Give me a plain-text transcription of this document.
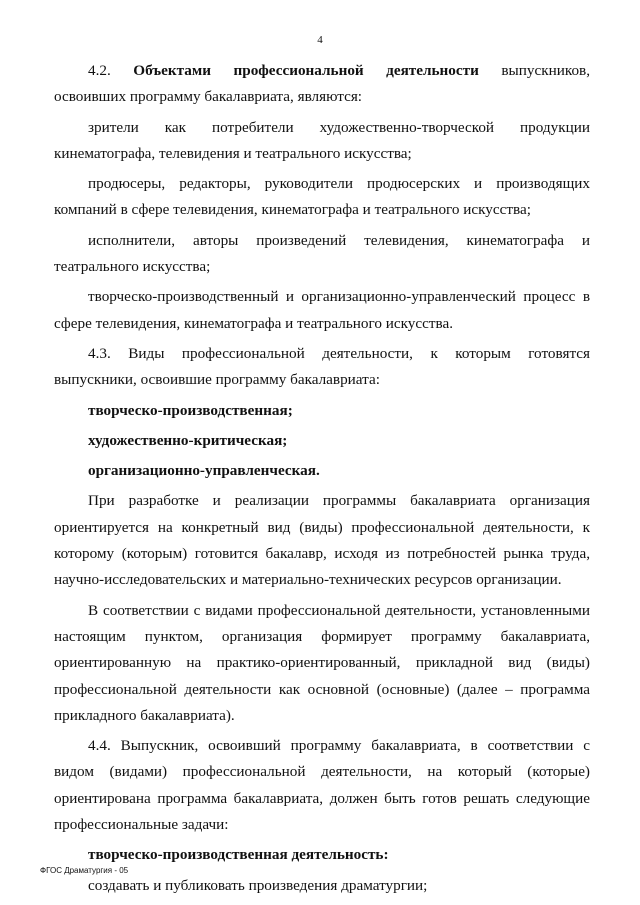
4

4.2. Объектами профессиональной деятельности выпускников, освоивших программу бакалавриата, являются:

зрители как потребители художественно-творческой продукции кинематографа, телевидения и театрального искусства;

продюсеры, редакторы, руководители продюсерских и производящих компаний в сфере телевидения, кинематографа и театрального искусства;

исполнители, авторы произведений телевидения, кинематографа и театрального искусства;

творческо-производственный и организационно-управленческий процесс в сфере телевидения, кинематографа и театрального искусства.

4.3. Виды профессиональной деятельности, к которым готовятся выпускники, освоившие программу бакалавриата:

творческо-производственная;

художественно-критическая;

организационно-управленческая.

При разработке и реализации программы бакалавриата организация ориентируется на конкретный вид (виды) профессиональной деятельности, к которому (которым) готовится бакалавр, исходя из потребностей рынка труда, научно-исследовательских и материально-технических ресурсов организации.

В соответствии с видами профессиональной деятельности, установленными настоящим пунктом, организация формирует программу бакалавриата, ориентированную на практико-ориентированный, прикладной вид (виды) профессиональной деятельности как основной (основные) (далее – программа прикладного бакалавриата).

4.4. Выпускник, освоивший программу бакалавриата, в соответствии с видом (видами) профессиональной деятельности, на который (которые) ориентирована программа бакалавриата, должен быть готов решать следующие профессиональные задачи:

творческо-производственная деятельность:

создавать и публиковать произведения драматургии;

ФГОС Драматургия - 05
